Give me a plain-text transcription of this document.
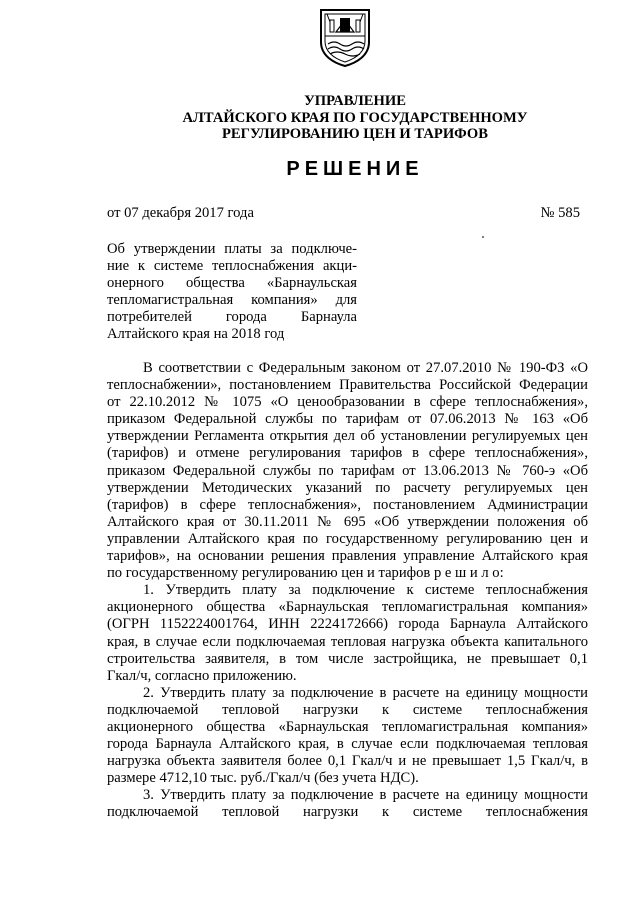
УПРАВЛЕНИЕ
АЛТАЙСКОГО КРАЯ ПО ГОСУДАРСТВЕННОМУ
РЕГУЛИРОВАНИЮ ЦЕН И ТАРИФОВ
РЕШЕНИЕ
от 07 декабря 2017 года	№ 585
Об утверждении платы за подключе-
ние к системе теплоснабжения акци-
онерного общества «Барнаульская
тепломагистральная компания» для
потребителей города Барнаула
Алтайского края на 2018 год
В соответствии с Федеральным законом от 27.07.2010 № 190-ФЗ «О
теплоснабжении», постановлением Правительства Российской Федерации
от 22.10.2012 № 1075 «О ценообразовании в сфере теплоснабжения»,
приказом Федеральной службы по тарифам от 07.06.2013 № 163 «Об
утверждении Регламента открытия дел об установлении регулируемых цен
(тарифов) и отмене регулирования тарифов в сфере теплоснабжения»,
приказом Федеральной службы по тарифам от 13.06.2013 № 760-э «Об
утверждении Методических указаний по расчету регулируемых цен
(тарифов) в сфере теплоснабжения», постановлением Администрации
Алтайского края от 30.11.2011 № 695 «Об утверждении положения об
управлении Алтайского края по государственному регулированию цен и
тарифов», на основании решения правления управление Алтайского края
по государственному регулированию цен и тарифов р е ш и л о:
1. Утвердить плату за подключение к системе теплоснабжения
акционерного общества «Барнаульская тепломагистральная компания»
(ОГРН 1152224001764, ИНН 2224172666) города Барнаула Алтайского
края, в случае если подключаемая тепловая нагрузка объекта капитального
строительства заявителя, в том числе застройщика, не превышает 0,1
Гкал/ч, согласно приложению.
2. Утвердить плату за подключение в расчете на единицу мощности
подключаемой тепловой нагрузки к системе теплоснабжения
акционерного общества «Барнаульская тепломагистральная компания»
города Барнаула Алтайского края, в случае если подключаемая тепловая
нагрузка объекта заявителя более 0,1 Гкал/ч и не превышает 1,5 Гкал/ч, в
размере 4712,10 тыс. руб./Гкал/ч (без учета НДС).
3. Утвердить плату за подключение в расчете на единицу мощности
подключаемой тепловой нагрузки к системе теплоснабжения
